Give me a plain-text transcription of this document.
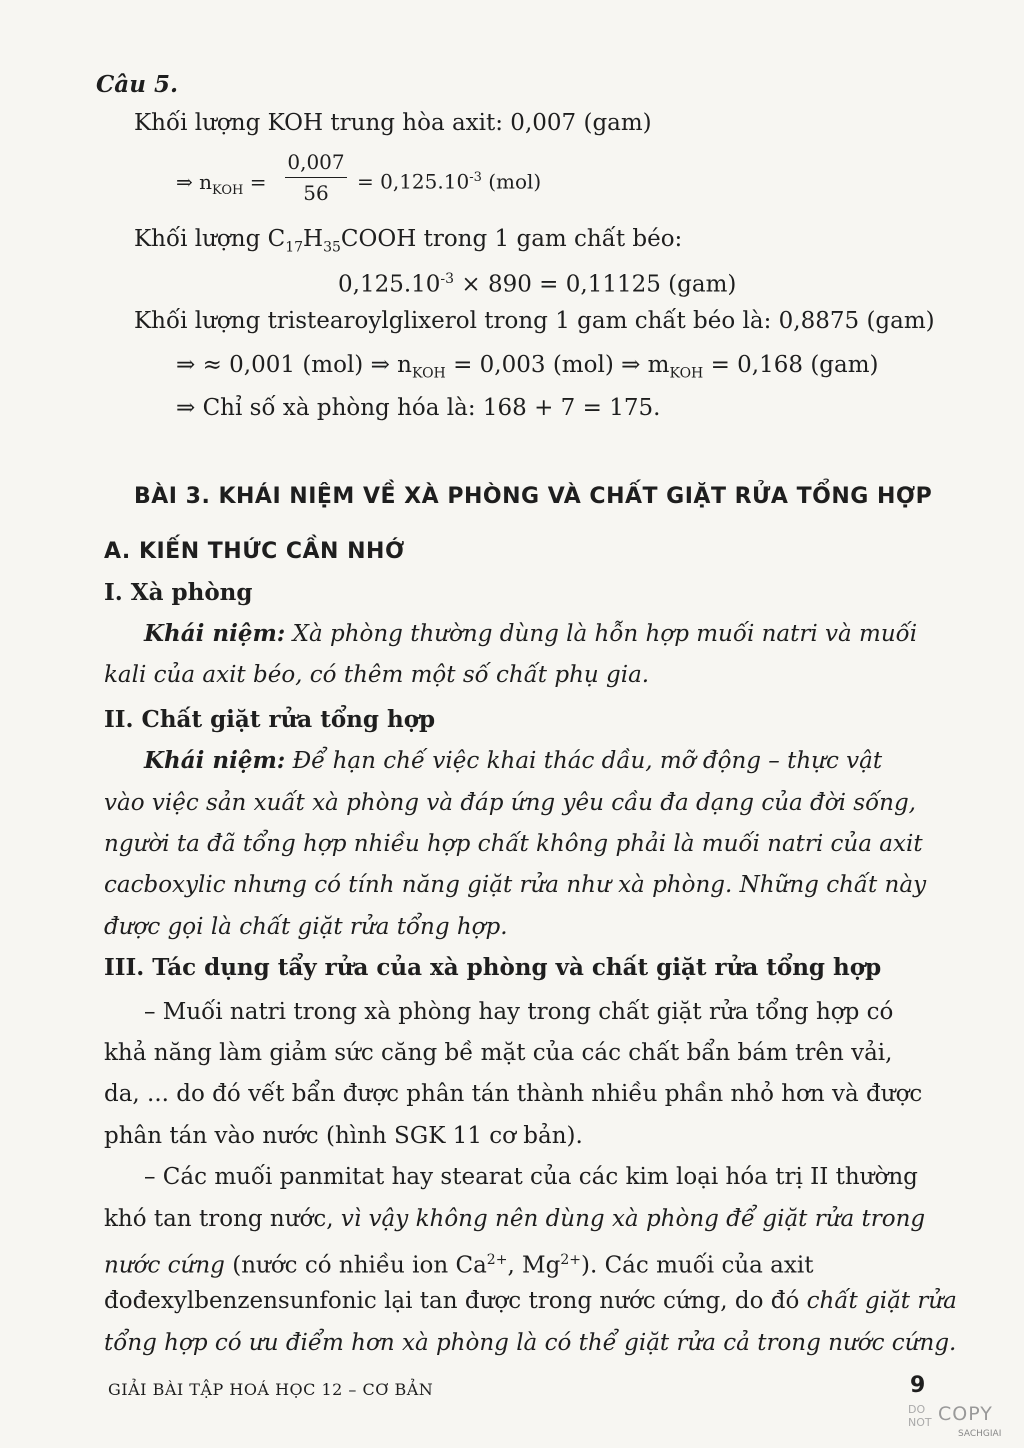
Câu 5.
Khối lượng KOH trung hòa axit: 0,007 (gam)
⇒ $n_{KOH}$ =
0,007
56	= $0,125.10^{-3}$ (mol)
Khối lượng $C_{17}H_{35}COOH$ trong 1 gam chất béo:
$0,125.10^{-3} \times 890 = 0,11125$ (gam)
Khối lượng tristearoylglixerol trong 1 gam chất béo là: 0,8875 (gam)
⇒ ≈ 0,001 (mol) ⇒ $n_{KOH} = 0,003$ (mol) ⇒ $m_{KOH} = 0,168$ (gam)
⇒ Chỉ số xà phòng hóa là: 168 + 7 = 175.
BÀI 3. KHÁI NIỆM VỀ XÀ PHÒNG VÀ CHẤT GIẶT RỬA TỔNG HỢP
A. KIẾN THỨC CẦN NHỚ
I. Xà phòng
Khái niệm: Xà phòng thường dùng là hỗn hợp muối natri và muối
kali của axit béo, có thêm một số chất phụ gia.
II. Chất giặt rửa tổng hợp
Khái niệm: Để hạn chế việc khai thác dầu, mỡ động – thực vật
vào việc sản xuất xà phòng và đáp ứng yêu cầu đa dạng của đời sống,
người ta đã tổng hợp nhiều hợp chất không phải là muối natri của axit
cacboxylic nhưng có tính năng giặt rửa như xà phòng. Những chất này
được gọi là chất giặt rửa tổng hợp.
III. Tác dụng tẩy rửa của xà phòng và chất giặt rửa tổng hợp
– Muối natri trong xà phòng hay trong chất giặt rửa tổng hợp có
khả năng làm giảm sức căng bề mặt của các chất bẩn bám trên vải,
da, ... do đó vết bẩn được phân tán thành nhiều phần nhỏ hơn và được
phân tán vào nước (hình SGK 11 cơ bản).
– Các muối panmitat hay stearat của các kim loại hóa trị II thường
khó tan trong nước, vì vậy không nên dùng xà phòng để giặt rửa trong
nước cứng (nước có nhiều ion $Ca^{2+}$, $Mg^{2+}$). Các muối của axit
đođexylbenzensunfonic lại tan được trong nước cứng, do đó chất giặt rửa
tổng hợp có ưu điểm hơn xà phòng là có thể giặt rửa cả trong nước cứng.
GIẢI BÀI TẬP HOÁ HỌC 12 – CƠ BẢN	9
DO
NOT COPY
SACHGIAI
